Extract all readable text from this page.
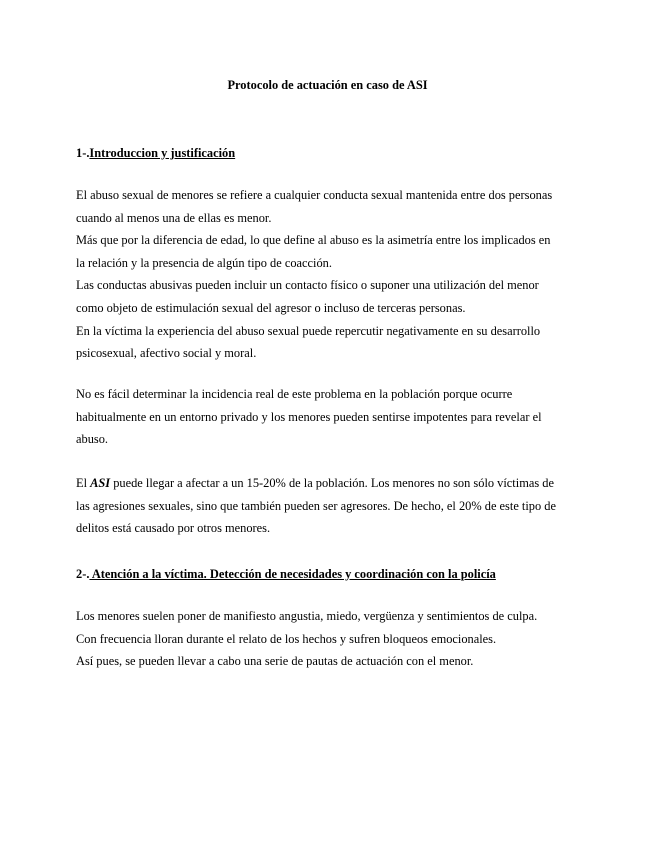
Protocolo de actuación en caso de ASI
1-.Introduccion y justificación
El abuso sexual de menores se refiere a cualquier conducta sexual mantenida entre dos personas
cuando al menos una de ellas es menor.
Más que por la diferencia de edad, lo que define al abuso es la asimetría entre los implicados en
la relación y la presencia de algún tipo de coacción.
Las conductas abusivas pueden incluir un contacto físico o suponer una utilización del menor
como objeto de estimulación sexual del agresor o incluso de terceras personas.
En la víctima la experiencia del abuso sexual puede repercutir negativamente en su desarrollo
psicosexual, afectivo social y moral.
No es fácil determinar la incidencia real de este problema en la población porque ocurre
habitualmente en un entorno privado y los menores pueden sentirse impotentes para revelar el
abuso.
El ASI puede llegar a afectar a un 15-20% de la población. Los menores no son sólo víctimas de
las agresiones sexuales, sino que también pueden ser agresores. De hecho, el 20% de este tipo de
delitos está causado por otros menores.
2-. Atención a la víctima. Detección de necesidades y coordinación con la policía
Los menores suelen poner de manifiesto angustia, miedo, vergüenza y sentimientos de culpa.
Con frecuencia lloran durante el relato de los hechos y sufren bloqueos emocionales.
Así pues, se pueden llevar a cabo una serie de pautas de actuación con el menor.
